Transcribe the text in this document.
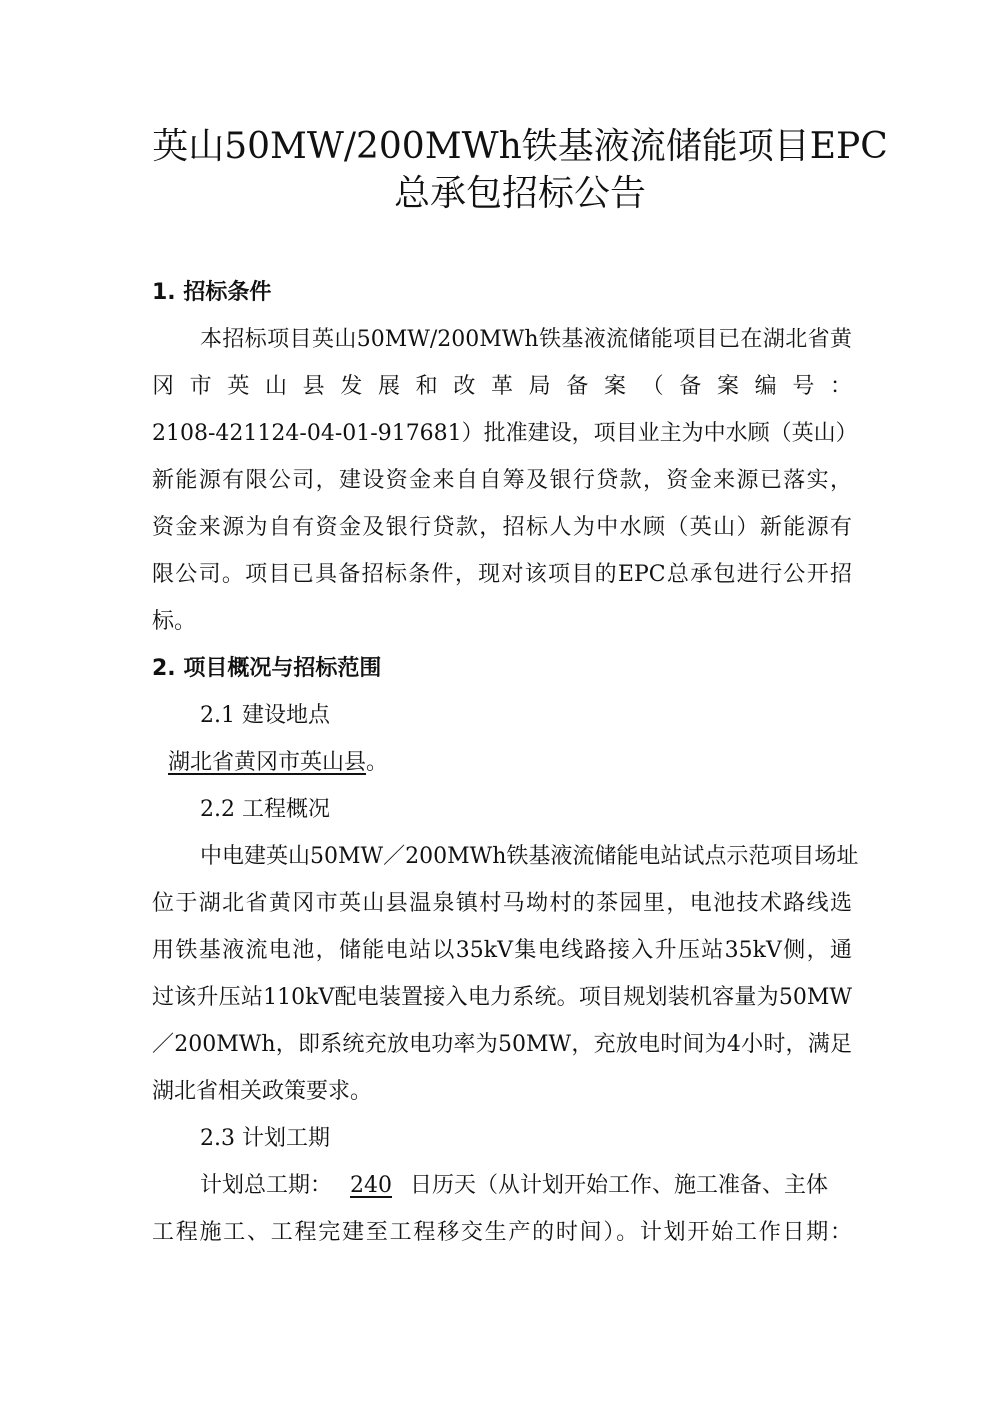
英山50MW/200MWh铁基液流储能项目EPC
总承包招标公告
1. 招标条件
本招标项目英山50MW/200MWh铁基液流储能项目已在湖北省黄
冈市英山县发展和改革局备案（备案编号：
2108-421124-04-01-917681）批准建设，项目业主为中水顾（英山）
新能源有限公司，建设资金来自自筹及银行贷款，资金来源已落实，
资金来源为自有资金及银行贷款，招标人为中水顾（英山）新能源有
限公司。项目已具备招标条件，现对该项目的EPC总承包进行公开招
标。
2. 项目概况与招标范围
2.1 建设地点
湖北省黄冈市英山县。
2.2 工程概况
中电建英山50MW／200MWh铁基液流储能电站试点示范项目场址
位于湖北省黄冈市英山县温泉镇村马坳村的茶园里，电池技术路线选
用铁基液流电池，储能电站以35kV集电线路接入升压站35kV侧，通
过该升压站110kV配电装置接入电力系统。项目规划装机容量为50MW
／200MWh，即系统充放电功率为50MW，充放电时间为4小时，满足
湖北省相关政策要求。
2.3 计划工期
计划总工期： 240 日历天（从计划开始工作、施工准备、主体
工程施工、工程完建至工程移交生产的时间）。计划开始工作日期：
